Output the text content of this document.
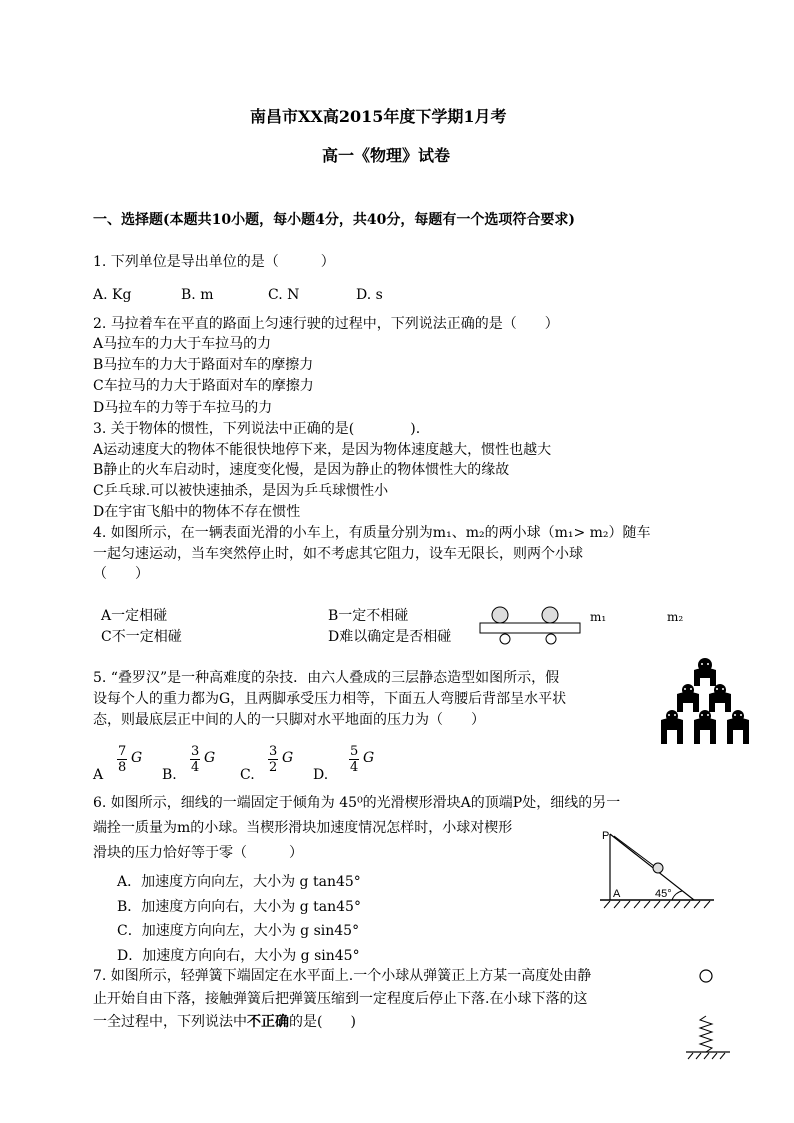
南昌市XX高2015年度下学期1月考
高一《物理》试卷
一、选择题(本题共10小题，每小题4分，共40分，每题有一个选项符合要求)
1. 下列单位是导出单位的是（　　　）
A. Kg	B. m	C. N	D. s
2. 马拉着车在平直的路面上匀速行驶的过程中，下列说法正确的是（　　）
A马拉车的力大于车拉马的力
B马拉车的力大于路面对车的摩擦力
C车拉马的力大于路面对车的摩擦力
D马拉车的力等于车拉马的力
3. 关于物体的惯性，下列说法中正确的是(　　　　).
A运动速度大的物体不能很快地停下来，是因为物体速度越大，惯性也越大
B静止的火车启动时，速度变化慢，是因为静止的物体惯性大的缘故
C乒乓球.可以被快速抽杀，是因为乒乓球惯性小
D在宇宙飞船中的物体不存在惯性
4. 如图所示，在一辆表面光滑的小车上，有质量分别为m₁、m₂的两小球（m₁> m₂）随车
一起匀速运动，当车突然停止时，如不考虑其它阻力，设车无限长，则两个小球
（　　）
A一定相碰	B一定不相碰
C不一定相碰	D难以确定是否相碰
m₁	m₂
5. “叠罗汉”是一种高难度的杂技．由六人叠成的三层静态造型如图所示，假
设每个人的重力都为G，且两脚承受压力相等，下面五人弯腰后背部呈水平状
态，则最底层正中间的人的一只脚对水平地面的压力为（　　）
A $\frac{7}{8}$ G
B. $\frac{3}{4}$ G
C. $\frac{3}{2}$ G
D. $\frac{5}{4}$ G
6. 如图所示，细线的一端固定于倾角为 45⁰的光滑楔形滑块A的顶端P处，细线的另一
端拴一质量为m的小球。当楔形滑块加速度情况怎样时，小球对楔形
滑块的压力恰好等于零（　　　）
A．加速度方向向左，大小为 g tan45°
B．加速度方向向右，大小为 g tan45°
C．加速度方向向左，大小为 g sin45°
D．加速度方向向右，大小为 g sin45°
P
A	45°
7. 如图所示，轻弹簧下端固定在水平面上.一个小球从弹簧正上方某一高度处由静
止开始自由下落，接触弹簧后把弹簧压缩到一定程度后停止下落.在小球下落的这
一全过程中，下列说法中不正确的是(　　)
